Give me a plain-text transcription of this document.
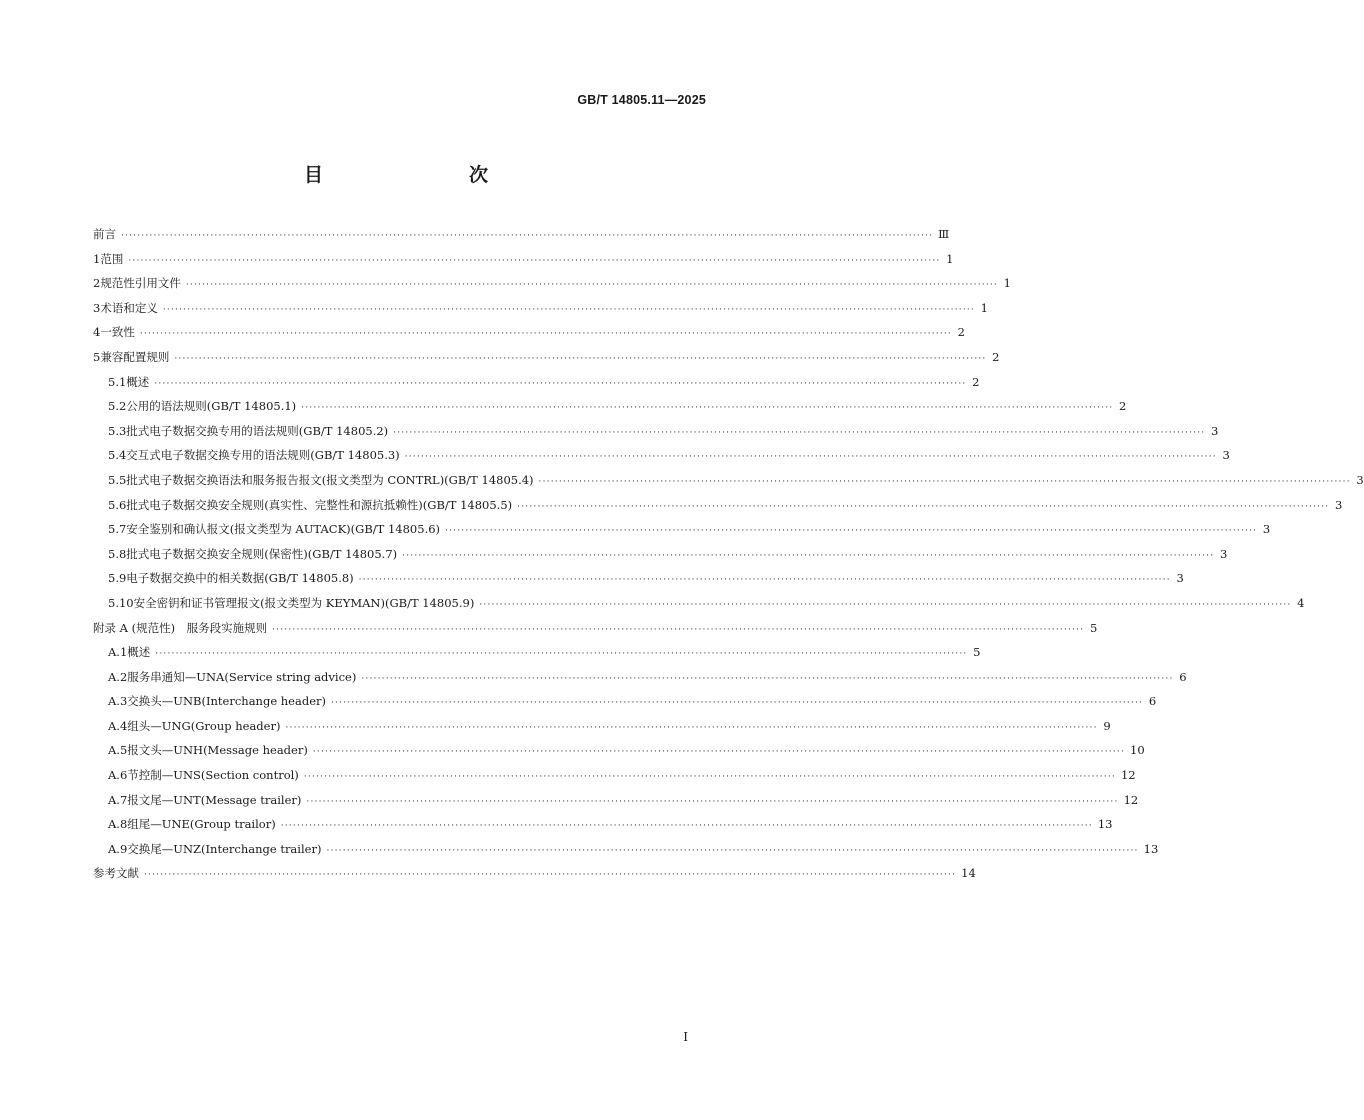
GB/T 14805.11—2025
目　　次
前言 ········································································································································································································ Ⅲ
1 范围 ········································································································································································································ 1
2 规范性引用文件 ········································································································································································································ 1
3 术语和定义 ········································································································································································································ 1
4 一致性 ········································································································································································································ 2
5 兼容配置规则 ········································································································································································································ 2
5.1 概述 ········································································································································································································ 2
5.2 公用的语法规则(GB/T 14805.1) ········································································································································································································ 2
5.3 批式电子数据交换专用的语法规则(GB/T 14805.2) ········································································································································································································ 3
5.4 交互式电子数据交换专用的语法规则(GB/T 14805.3) ········································································································································································································ 3
5.5 批式电子数据交换语法和服务报告报文(报文类型为 CONTRL)(GB/T 14805.4) ········································································································································································································ 3
5.6 批式电子数据交换安全规则(真实性、完整性和源抗抵赖性)(GB/T 14805.5) ········································································································································································································ 3
5.7 安全鉴别和确认报文(报文类型为 AUTACK)(GB/T 14805.6) ········································································································································································································ 3
5.8 批式电子数据交换安全规则(保密性)(GB/T 14805.7) ········································································································································································································ 3
5.9 电子数据交换中的相关数据(GB/T 14805.8) ········································································································································································································ 3
5.10 安全密钥和证书管理报文(报文类型为 KEYMAN)(GB/T 14805.9) ········································································································································································································ 4
附录 A (规范性)　服务段实施规则 ········································································································································································································ 5
A.1 概述 ········································································································································································································ 5
A.2 服务串通知—UNA(Service string advice) ········································································································································································································ 6
A.3 交换头—UNB(Interchange header) ········································································································································································································ 6
A.4 组头—UNG(Group header) ········································································································································································································ 9
A.5 报文头—UNH(Message header) ········································································································································································································ 10
A.6 节控制—UNS(Section control) ········································································································································································································ 12
A.7 报文尾—UNT(Message trailer) ········································································································································································································ 12
A.8 组尾—UNE(Group trailor) ········································································································································································································ 13
A.9 交换尾—UNZ(Interchange trailer) ········································································································································································································ 13
参考文献 ········································································································································································································ 14
I
